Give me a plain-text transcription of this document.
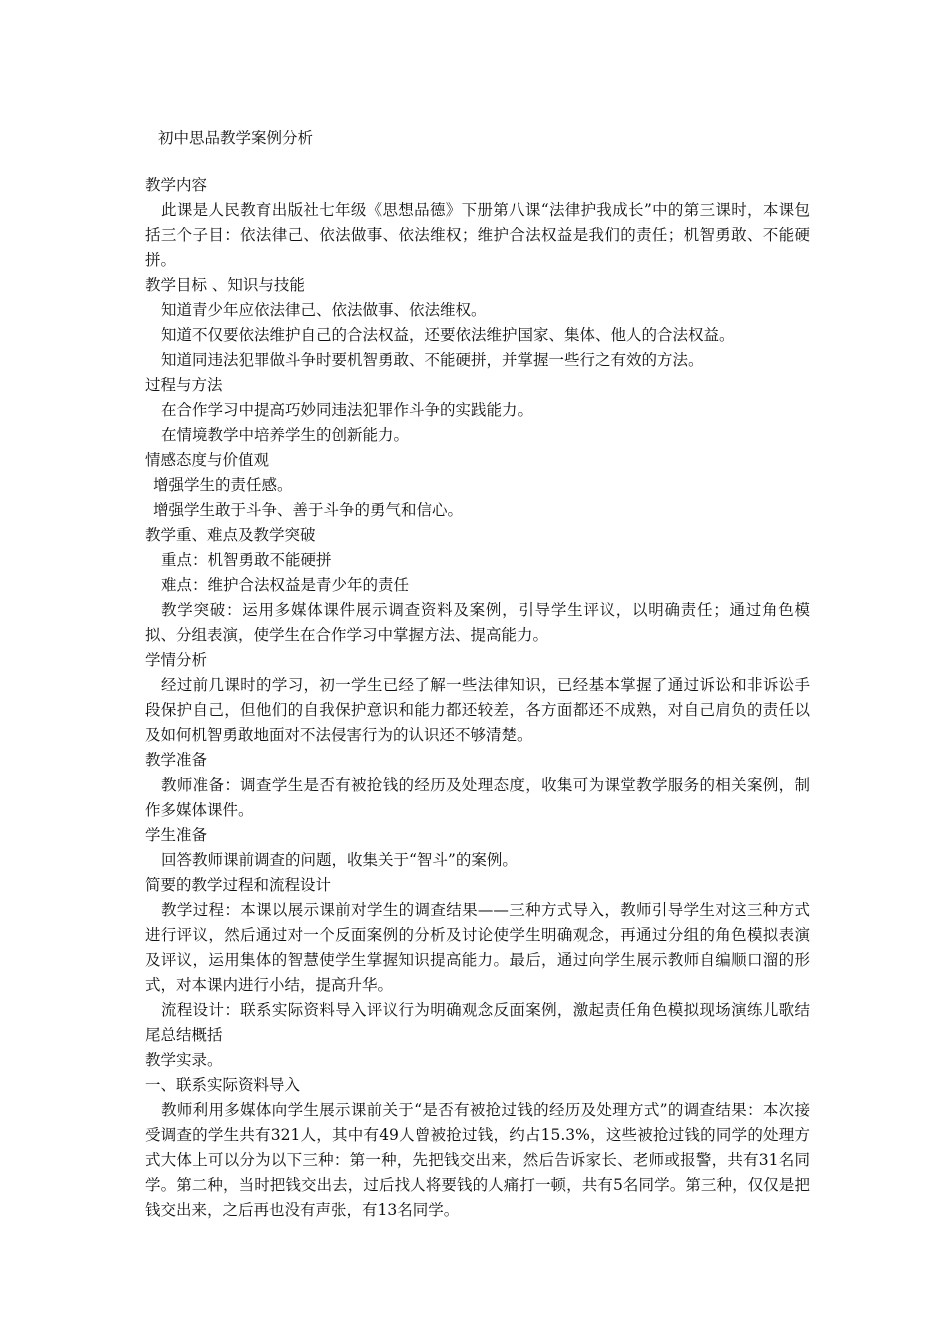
初中思品教学案例分析

教学内容

此课是人民教育出版社七年级《思想品德》下册第八课“法律护我成长”中的第三课时，本课包括三个子目：依法律己、依法做事、依法维权；维护合法权益是我们的责任；机智勇敢、不能硬拼。

教学目标 、知识与技能

知道青少年应依法律己、依法做事、依法维权。

知道不仅要依法维护自己的合法权益，还要依法维护国家、集体、他人的合法权益。

知道同违法犯罪做斗争时要机智勇敢、不能硬拼，并掌握一些行之有效的方法。

过程与方法

在合作学习中提高巧妙同违法犯罪作斗争的实践能力。

在情境教学中培养学生的创新能力。

情感态度与价值观

增强学生的责任感。

增强学生敢于斗争、善于斗争的勇气和信心。

教学重、难点及教学突破

重点：机智勇敢不能硬拼

难点：维护合法权益是青少年的责任

教学突破：运用多媒体课件展示调查资料及案例，引导学生评议，以明确责任；通过角色模拟、分组表演，使学生在合作学习中掌握方法、提高能力。

学情分析

经过前几课时的学习，初一学生已经了解一些法律知识，已经基本掌握了通过诉讼和非诉讼手段保护自己，但他们的自我保护意识和能力都还较差，各方面都还不成熟，对自己肩负的责任以及如何机智勇敢地面对不法侵害行为的认识还不够清楚。

教学准备

教师准备：调查学生是否有被抢钱的经历及处理态度，收集可为课堂教学服务的相关案例，制作多媒体课件。

学生准备

回答教师课前调查的问题，收集关于“智斗”的案例。

简要的教学过程和流程设计

教学过程：本课以展示课前对学生的调查结果——三种方式导入，教师引导学生对这三种方式进行评议，然后通过对一个反面案例的分析及讨论使学生明确观念，再通过分组的角色模拟表演及评议，运用集体的智慧使学生掌握知识提高能力。最后，通过向学生展示教师自编顺口溜的形式，对本课内进行小结，提高升华。

流程设计：联系实际资料导入评议行为明确观念反面案例，激起责任角色模拟现场演练儿歌结尾总结概括

教学实录。

一、联系实际资料导入

教师利用多媒体向学生展示课前关于“是否有被抢过钱的经历及处理方式”的调查结果：本次接受调查的学生共有321人，其中有49人曾被抢过钱，约占15.3%，这些被抢过钱的同学的处理方式大体上可以分为以下三种：第一种，先把钱交出来，然后告诉家长、老师或报警，共有31名同学。第二种，当时把钱交出去，过后找人将要钱的人痛打一顿，共有5名同学。第三种，仅仅是把钱交出来，之后再也没有声张，有13名同学。
